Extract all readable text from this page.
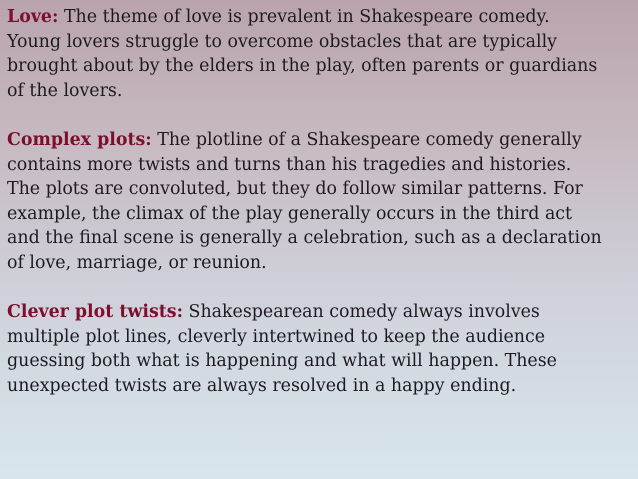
Love: The theme of love is prevalent in Shakespeare comedy.
Young lovers struggle to overcome obstacles that are typically
brought about by the elders in the play, often parents or guardians
of the lovers.

Complex plots: The plotline of a Shakespeare comedy generally
contains more twists and turns than his tragedies and histories.
The plots are convoluted, but they do follow similar patterns. For
example, the climax of the play generally occurs in the third act
and the final scene is generally a celebration, such as a declaration
of love, marriage, or reunion.

Clever plot twists: Shakespearean comedy always involves
multiple plot lines, cleverly intertwined to keep the audience
guessing both what is happening and what will happen. These
unexpected twists are always resolved in a happy ending.
